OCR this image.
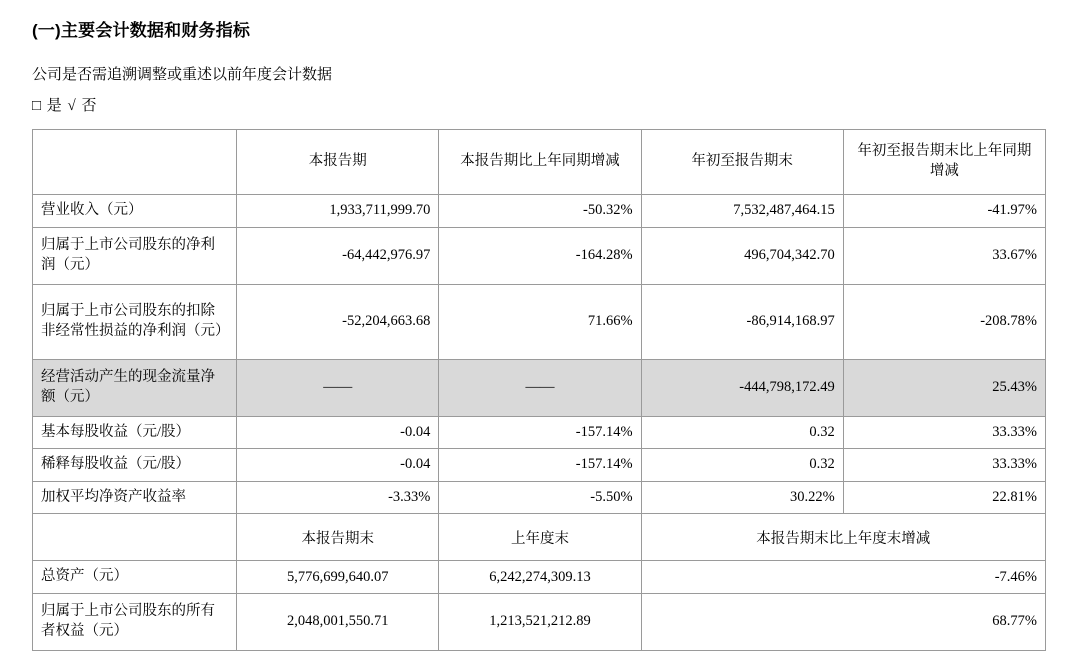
(一)主要会计数据和财务指标
公司是否需追溯调整或重述以前年度会计数据
□ 是 √ 否
	本报告期	本报告期比上年同期增减	年初至报告期末	年初至报告期末比上年同期增减
营业收入（元）	1,933,711,999.70	-50.32%	7,532,487,464.15	-41.97%
归属于上市公司股东的净利润（元）	-64,442,976.97	-164.28%	496,704,342.70	33.67%
归属于上市公司股东的扣除非经常性损益的净利润（元）	-52,204,663.68	71.66%	-86,914,168.97	-208.78%
经营活动产生的现金流量净额（元）	——	——	-444,798,172.49	25.43%
基本每股收益（元/股）	-0.04	-157.14%	0.32	33.33%
稀释每股收益（元/股）	-0.04	-157.14%	0.32	33.33%
加权平均净资产收益率	-3.33%	-5.50%	30.22%	22.81%
	本报告期末	上年度末	本报告期末比上年度末增减	
总资产（元）	5,776,699,640.07	6,242,274,309.13	-7.46%	
归属于上市公司股东的所有者权益（元）	2,048,001,550.71	1,213,521,212.89	68.77%	
